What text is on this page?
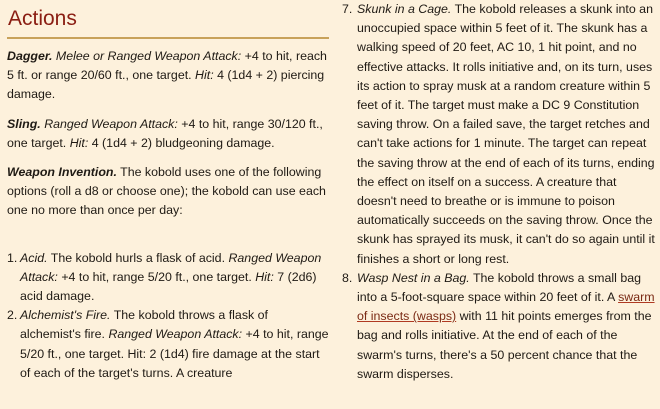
Actions

Dagger. Melee or Ranged Weapon Attack: +4 to hit, reach 5 ft. or range 20/60 ft., one target. Hit: 4 (1d4 + 2) piercing damage.

Sling. Ranged Weapon Attack: +4 to hit, range 30/120 ft., one target. Hit: 4 (1d4 + 2) bludgeoning damage.

Weapon Invention. The kobold uses one of the following options (roll a d8 or choose one); the kobold can use each one no more than once per day:

1. Acid. The kobold hurls a flask of acid. Ranged Weapon Attack: +4 to hit, range 5/20 ft., one target. Hit: 7 (2d6) acid damage.
2. Alchemist's Fire. The kobold throws a flask of alchemist's fire. Ranged Weapon Attack: +4 to hit, range 5/20 ft., one target. Hit: 2 (1d4) fire damage at the start of each of the target's turns. A creature
7. Skunk in a Cage. The kobold releases a skunk into an unoccupied space within 5 feet of it. The skunk has a walking speed of 20 feet, AC 10, 1 hit point, and no effective attacks. It rolls initiative and, on its turn, uses its action to spray musk at a random creature within 5 feet of it. The target must make a DC 9 Constitution saving throw. On a failed save, the target retches and can't take actions for 1 minute. The target can repeat the saving throw at the end of each of its turns, ending the effect on itself on a success. A creature that doesn't need to breathe or is immune to poison automatically succeeds on the saving throw. Once the skunk has sprayed its musk, it can't do so again until it finishes a short or long rest.
8. Wasp Nest in a Bag. The kobold throws a small bag into a 5-foot-square space within 20 feet of it. A swarm of insects (wasps) with 11 hit points emerges from the bag and rolls initiative. At the end of each of the swarm's turns, there's a 50 percent chance that the swarm disperses.
